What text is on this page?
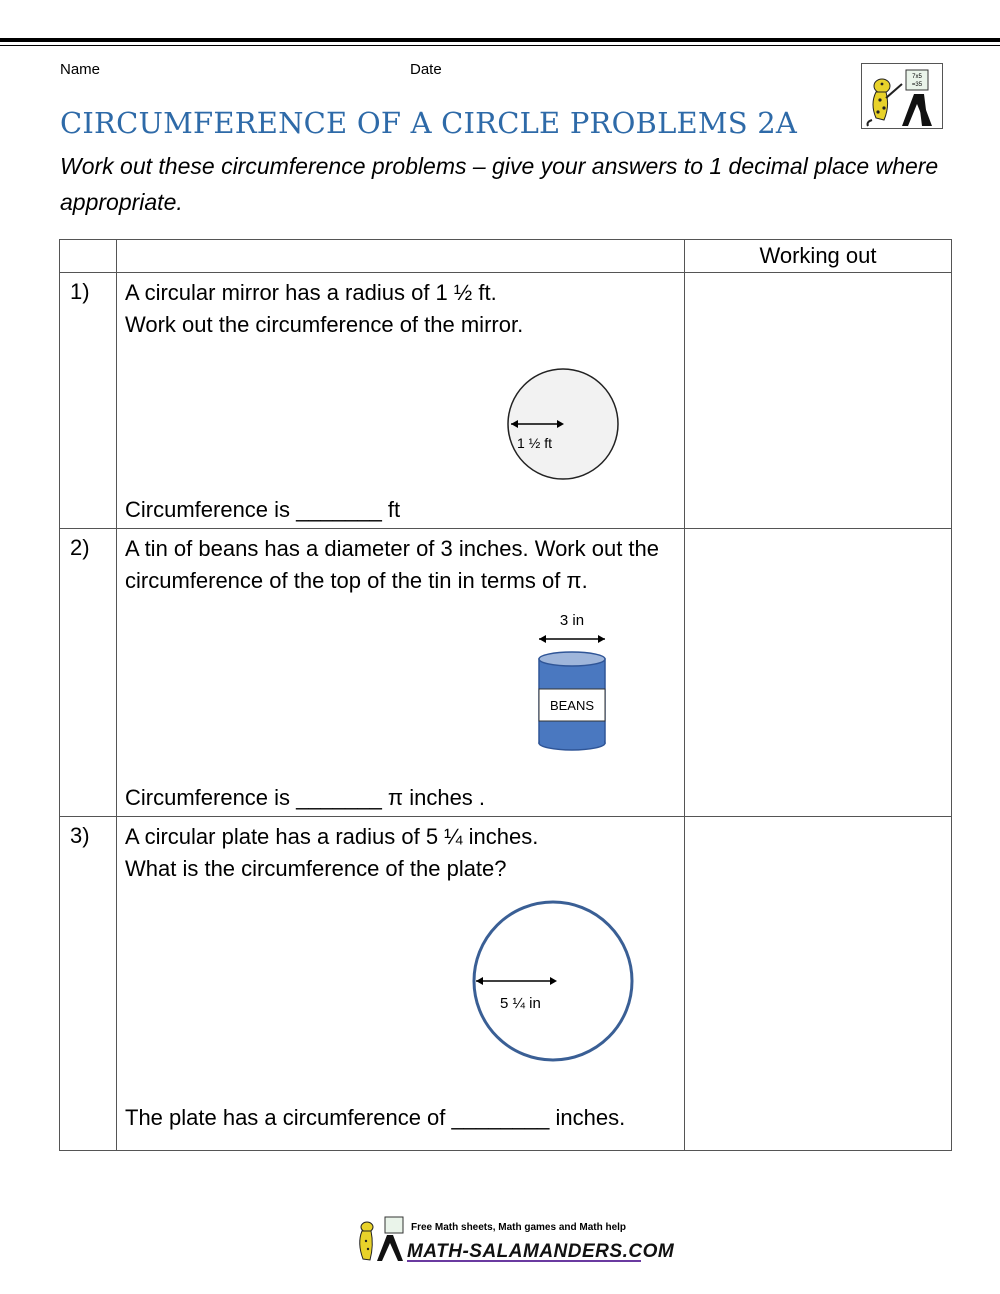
Name	Date	7x5
=35
CIRCUMFERENCE OF A CIRCLE PROBLEMS 2A
Work out these circumference problems – give your answers to 1 decimal place where appropriate.
		Working out
1)	A circular mirror has a radius of 1 ½ ft.
Work out the circumference of the mirror.
1 ½ ft
Circumference is _______ ft	

2)	A tin of beans has a diameter of 3 inches. Work out the circumference of the top of the tin in terms of π.
3 in
BEANS
Circumference is _______ π inches .	

3)	A circular plate has a radius of 5 ¼ inches.
What is the circumference of the plate?
5 ¼ in
The plate has a circumference of ________ inches.	

Free Math sheets, Math games and Math help
MATH-SALAMANDERS.COM
